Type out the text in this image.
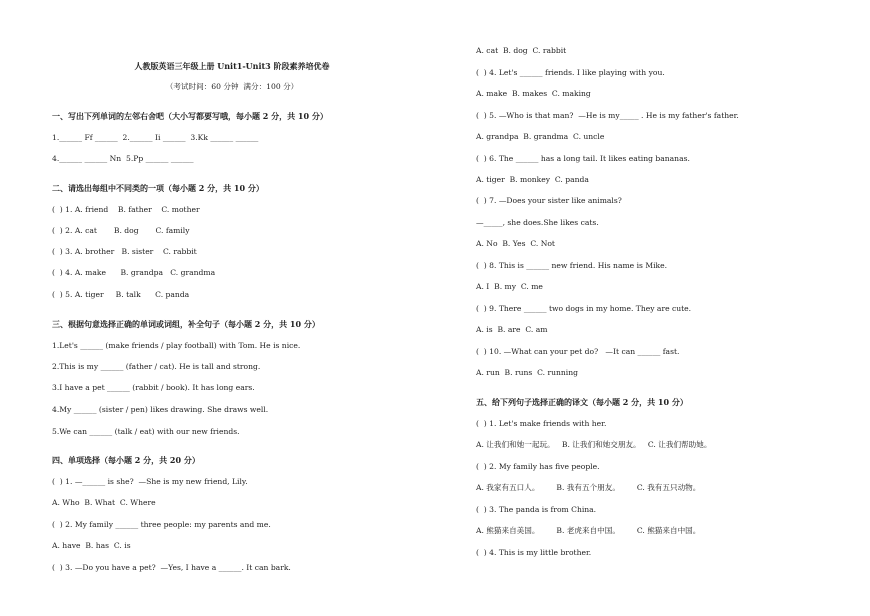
人教版英语三年级上册 Unit1-Unit3 阶段素养培优卷
（考试时间：60 分钟  满分：100 分）
一、写出下列单词的左邻右舍吧（大小写都要写哦，每小题 2 分，共 10 分）
1.______ Ff ______  2.______ Ii ______  3.Kk ______ ______
4.______ ______ Nn  5.Pp ______ ______
二、请选出每组中不同类的一项（每小题 2 分，共 10 分）
(  ) 1. A. friend    B. father    C. mother
(  ) 2. A. cat       B. dog       C. family
(  ) 3. A. brother   B. sister    C. rabbit
(  ) 4. A. make      B. grandpa   C. grandma
(  ) 5. A. tiger     B. talk      C. panda
三、根据句意选择正确的单词或词组，补全句子（每小题 2 分，共 10 分）
1.Let's ______ (make friends / play football) with Tom. He is nice.
2.This is my ______ (father / cat). He is tall and strong.
3.I have a pet ______ (rabbit / book). It has long ears.
4.My ______ (sister / pen) likes drawing. She draws well.
5.We can ______ (talk / eat) with our new friends.
四、单项选择（每小题 2 分，共 20 分）
(  ) 1. —______ is she?  —She is my new friend, Lily.
A. Who  B. What  C. Where
(  ) 2. My family ______ three people: my parents and me.
A. have  B. has  C. is
(  ) 3. —Do you have a pet?  —Yes, I have a ______. It can bark.
A. cat  B. dog  C. rabbit
(  ) 4. Let's ______ friends. I like playing with you.
A. make  B. makes  C. making
(  ) 5. —Who is that man?  —He is my_____ . He is my father's father.
A. grandpa  B. grandma  C. uncle
(  ) 6. The ______ has a long tail. It likes eating bananas.
A. tiger  B. monkey  C. panda
(  ) 7. —Does your sister like animals?
—_____, she does.She likes cats.
A. No  B. Yes  C. Not
(  ) 8. This is ______ new friend. His name is Mike.
A. I  B. my  C. me
(  ) 9. There ______ two dogs in my home. They are cute.
A. is  B. are  C. am
(  ) 10. —What can your pet do?   —It can ______ fast.
A. run  B. runs  C. running
五、给下列句子选择正确的译文（每小题 2 分，共 10 分）
(  ) 1. Let's make friends with her.
A. 让我们和她一起玩。   B. 让我们和她交朋友。   C. 让我们帮助她。
(  ) 2. My family has five people.
A. 我家有五口人。       B. 我有五个朋友。       C. 我有五只动物。
(  ) 3. The panda is from China.
A. 熊猫来自美国。       B. 老虎来自中国。       C. 熊猫来自中国。
(  ) 4. This is my little brother.
